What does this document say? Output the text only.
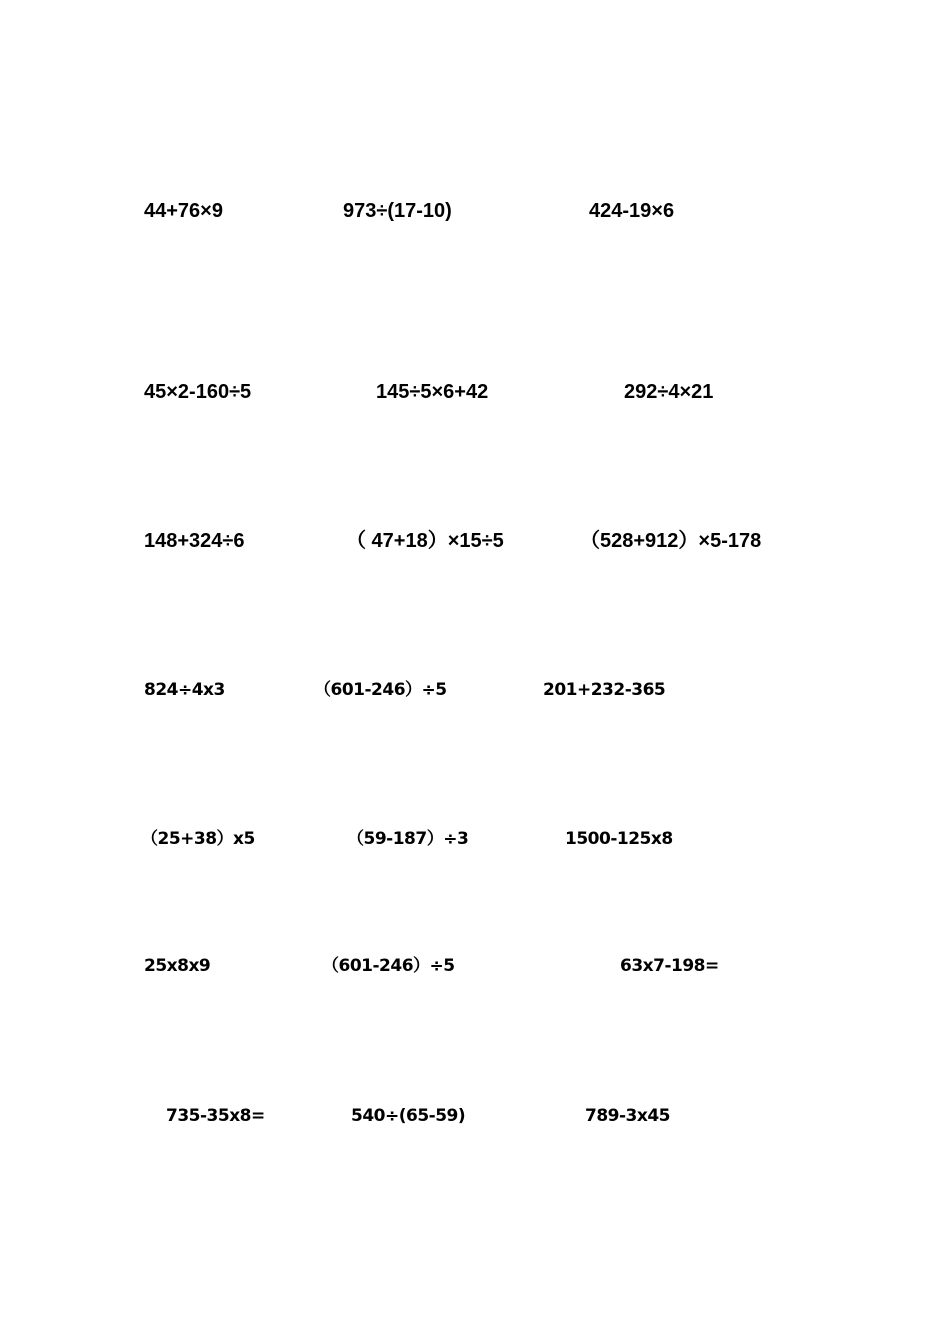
44+76×9	973÷(17-10)	424-19×6
45×2-160÷5	145÷5×6+42	292÷4×21
148+324÷6	（ 47+18）×15÷5	（528+912）×5-178
824÷4x3	（601-246）÷5	201+232-365
（25+38）x5	（59-187）÷3	1500-125x8
25x8x9	（601-246）÷5	63x7-198=
735-35x8=	540÷(65-59)	789-3x45
